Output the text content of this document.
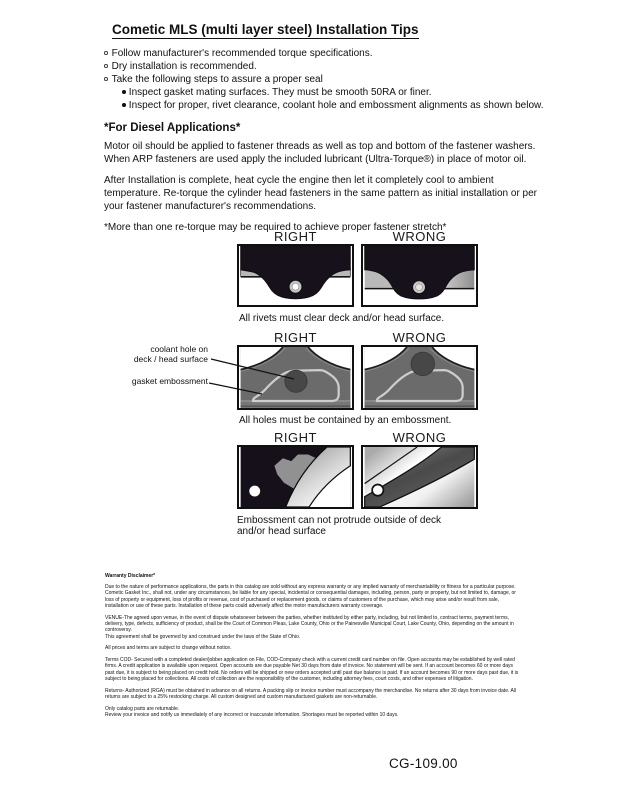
Cometic MLS (multi layer steel) Installation Tips
Follow manufacturer's recommended torque specifications.
Dry installation is recommended.
Take the following steps to assure a proper seal
Inspect gasket mating surfaces. They must be smooth 50RA or finer.
Inspect for proper, rivet clearance, coolant hole and embossment alignments as shown below.
*For Diesel Applications*

Motor oil should be applied to fastener threads as well as top and bottom of the fastener washers. When ARP fasteners are used apply the included lubricant (Ultra-Torque®) in place of motor oil.

After Installation is complete, heat cycle the engine then let it completely cool to ambient temperature. Re-torque the cylinder head fasteners in the same pattern as initial installation or per your fastener manufacturer's recommendations.

*More than one re-torque may be required to achieve proper fastener stretch*

RIGHT	WRONG
All rivets must clear deck and/or head surface.
RIGHT	WRONG
All holes must be contained by an embossment.
coolant hole on
deck / head surface
gasket embossment
RIGHT	WRONG
Embossment can not protrude outside of deck and/or head surface
Warranty Disclaimer*

Due to the nature of performance applications, the parts in this catalog are sold without any express warranty or any implied warranty of merchantability or fitness for a particular purpose. Cometic Gasket Inc., shall not, under any circumstances, be liable for any special, incidental or consequential damages, including, person, party or property, but not limited to, damage, or loss of property or equipment, loss of profits or revenue, cost of purchased or replacement goods, or claims of customers of the purchase, which may arise and/or result from sale, installation or use of these parts. Installation of these parts could adversely affect the motor manufacturers warranty coverage.

VENUE-The agreed upon venue, in the event of dispute whatsoever between the parties, whether instituted by either party, including, but not limited to, contract terms, payment terms, delivery, type, defects, sufficiency of product, shall be the Court of Common Pleas, Lake County, Ohio or the Painesville Municipal Court, Lake County, Ohio, depending on the amount in controversy.

This agreement shall be governed by and construed under the laws of the State of Ohio.

All prices and terms are subject to change without notice.

Terms COD- Secured with a completed dealer/jobber application on File, COD-Company check with a current credit card number on file. Open accounts may be established by well rated firms. A credit application is available upon request. Open accounts are due payable Net 30 days from date of invoice. No statement will be sent. If an account becomes 60 or more days past due, it is subject to being placed on credit hold. No orders will be shipped or new orders accepted until past due balance is paid. If an account becomes 90 or more days past due, it is subject to being placed for collections. All costs of collection are the responsibility of the customer, including attorney fees, court costs, and other expenses of litigation.

Returns- Authorized (RGA) must be obtained in advance on all returns. A packing slip or invoice number must accompany the merchandise. No returns after 30 days from invoice date. All returns are subject to a 25% restocking charge. All custom designed and custom manufactured gaskets are non-returnable.

Only catalog parts are returnable.

Review your invoice and notify us immediately of any incorrect or inaccurate information. Shortages must be reported within 10 days.

CG-109.00
